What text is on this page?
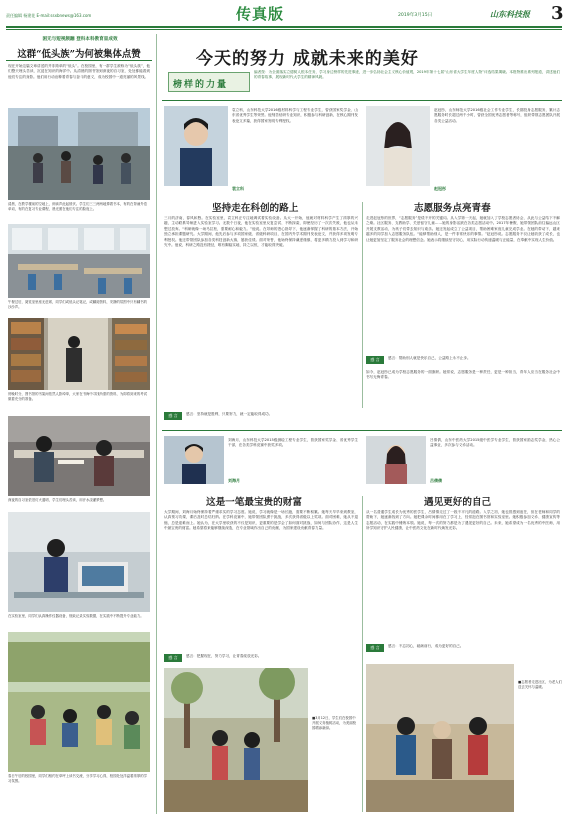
责任编辑 杨建花 E-mail:ssxbnews@163.com	传真版	2019年3月15日	山东科技报 3
困无与短视频蹦 登科本科教育显成效
这群“低头族”为何被集体点赞
现在开始这篇文章讲述的并非简单的“低头”。在校园里，有一群学生被称为“低头族”，他们整天埋头苦读，沉浸在知识的海洋中。从清晨的图书馆到深夜的自习室，处处都能看到他们专注的身影。他们用行动诠释着青春与奋斗的意义，成为校园中一道亮丽的风景线。
清晨，在教学楼前的空地上，朗读声此起彼伏。学生们三三两两地捧着书本，有的在背诵外语单词，有的在复习专业课程，晨光照在他们专注的脸庞上。
午餐过后，阅览室里座无虚席，同学们或低头记笔记，或翻阅资料，安静的氛围中只有翻书的沙沙声。
傍晚时分，图书馆的书架间依然人影绰绰，大家在书海中寻找所需的资料，为即将到来的考试做着充分的准备。
深夜的自习室依旧灯火通明，学生们埋头苦读，用汗水浇灌梦想。
在实验室里，同学们认真操作仪器设备，细致记录实验数据，在实践中不断提升专业能力。
春日午后的校园里，同学们相约在草坪上读书交流，分享学习心得，校园处处洋溢着浓厚的学习氛围。
今天的努力 成就未来的美好
榜样的力量
编者按：为全面落实立德树人根本任务，学习身边榜样的先进事迹，进一步弘扬社会主义核心价值观，2019年第十七届“山东省大学生年度人物”评选结果揭晓。本报特推出系列报道，讲述他们的青春故事，展现新时代大学生的精神风貌。
袁立科，山东科技大学2016级材料科学与工程专业学生，曾获国家奖学金、山东省优秀学生等荣誉。他刻苦钻研专业知识，积极参与科研创新，在核心期刊发表论文多篇，获得国家发明专利授权。
袁立科
赵冠彤，山东师范大学2016级社会工作专业学生，长期投身志愿服务，累计志愿服务时长超过两千小时，曾获全国优秀志愿者等称号，组织带领志愿团队开展各类公益活动。
赵冠彤
坚持走在科创的路上	志愿服务点亮青春
三月的济南，春风和煦。在实验室里，袁立科正专注地调试着实验设备。从大一开始，他就对材料科学产生了浓厚的兴趣，主动联系导师进入实验室学习。无数个日夜，他在实验室里反复尝试、不断探索，即使经历了一次次失败，他也从未想过放弃。“科研就像一场马拉松，需要耐心和毅力。”他说。在导师的悉心指导下，他逐渐掌握了科研的基本方法，开始独立承担课题研究。大学期间，他先后参与多项国家级、省级科研项目，在国内外学术期刊发表论文，并获得多项发明专利授权。他还带领团队参加各类科技创新大赛，屡获佳绩。面对荣誉，他始终保持谦虚谨慎，将更多精力投入到学习和研究中。他说，科研之路没有捷径，唯有脚踏实地、持之以恒，才能取得突破。
走进赵冠彤的世界，“志愿服务”是绕不开的关键词。从入学第一天起，她就加入了学校志愿者协会，从此与公益结下不解之缘。社区服务、支教助学、关爱留守儿童……她的身影活跃在各类志愿活动中。2017年暑假，她带领团队前往偏远山区开展支教活动，为孩子们带去知识与欢乐。她还发起成立了公益项目，帮助困难家庭儿童完成学业。在她的带动下，越来越多的同学加入志愿服务队伍。“能够帮助别人，是一件非常快乐的事情。”赵冠彤说。志愿服务不仅让她收获了成长，也让她更加坚定了服务社会的理想信念。她表示将继续坚守初心，用实际行动传递温暖与正能量，在奉献中实现人生价值。
感 言	感言：坚持就是胜利，只要努力，就一定能取得成功。
感 言	感言：帮助别人就是快乐自己，公益路上永不止步。
如今，赵冠彤已成为学校志愿服务的一面旗帜。她常说，志愿服务是一种责任，更是一种担当，青年人应当在服务社会中书写无悔青春。
刘海月，山东科技大学2015级测绘工程专业学生，曾获国家奖学金、省优秀学生干部，在各类学科竞赛中获奖多项。
刘海月
吕倩倩，山东中医药大学2015级中医学专业学生，曾获国家励志奖学金，热心公益事业，多次参与义诊活动。
吕倩倩
这是一笔最宝贵的财富	遇见更好的自己
大学期间，刘海月始终保持着严谨求实的学习态度。她说，学习就像是一场长跑，需要不断积累。她每天早早来到教室，认真预习功课，课后及时总结归纳。在学科竞赛中，她带领团队勇于挑战，多次获得省级以上奖项。面对困难，她从不退缩，总是迎难而上。她认为，在大学里收获的不仅是知识，更重要的是学会了如何面对挑战、如何与团队协作，这是人生中最宝贵的财富。她希望将来能够继续深造，在专业领域作出自己的贡献，为国家建设贡献青春力量。
从一名普通学生成长为优秀的医学生，吕倩倩走过了一段不平凡的道路。入学之初，她也曾感到迷茫，但在老师和同学的帮助下，她逐渐找到了方向。她把课余时间都用在了学习上，经常泡在图书馆和实验室里。她积极参加义诊、健康宣传等志愿活动，在实践中锤炼本领。她说，每一次的努力都是为了遇见更好的自己。未来，她希望成为一名优秀的中医师，用所学知识守护人民健康，让中医药文化在新时代焕发光彩。
感 言	感言：把握现在，努力学习，让青春绽放光彩。
感 言	感言：不忘初心，砥砺前行，成为更好的自己。
■3月12日，学生们在校园中开展义务植树活动，为美丽校园增添新绿。
■志愿者走进社区，为老人们送去关怀与温暖。
